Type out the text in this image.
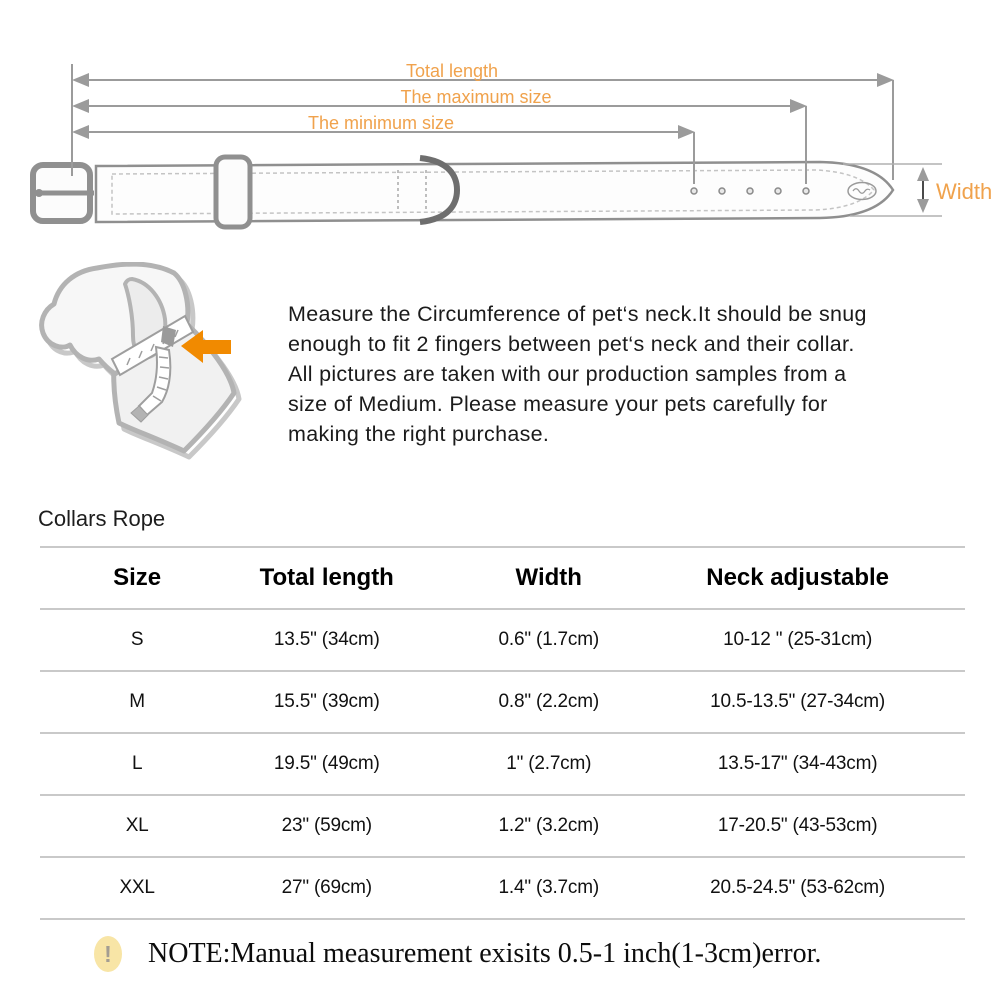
Total length
The maximum size
The minimum size
Width
Measure the Circumference of pet‘s neck.It should be snug
enough to fit 2 fingers between pet‘s neck and their collar.
All pictures are taken with our production samples from a
size of Medium. Please measure your pets carefully for
making the right purchase.
Collars Rope
Size	Total length	Width	Neck adjustable
S	13.5" (34cm)	0.6" (1.7cm)	10-12 " (25-31cm)
M	15.5" (39cm)	0.8" (2.2cm)	10.5-13.5" (27-34cm)
L	19.5" (49cm)	1" (2.7cm)	13.5-17" (34-43cm)
XL	23" (59cm)	1.2" (3.2cm)	17-20.5" (43-53cm)
XXL	27" (69cm)	1.4" (3.7cm)	20.5-24.5" (53-62cm)
!	NOTE:Manual measurement exisits 0.5-1 inch(1-3cm)error.
